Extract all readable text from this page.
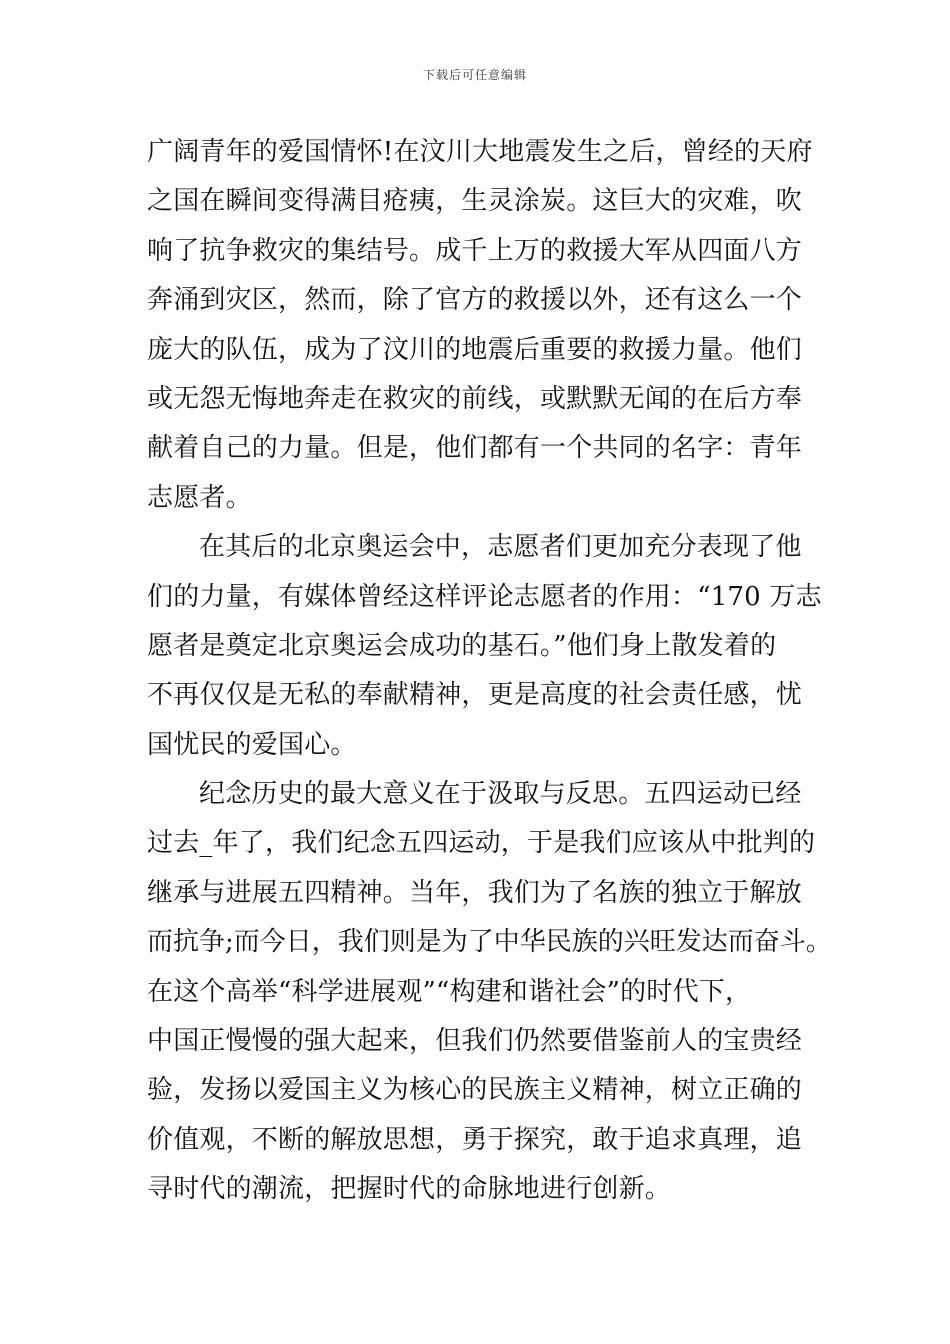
下载后可任意编辑
广阔青年的爱国情怀!在汶川大地震发生之后，曾经的天府
之国在瞬间变得满目疮痍，生灵涂炭。这巨大的灾难，吹
响了抗争救灾的集结号。成千上万的救援大军从四面八方
奔涌到灾区，然而，除了官方的救援以外，还有这么一个
庞大的队伍，成为了汶川的地震后重要的救援力量。他们
或无怨无悔地奔走在救灾的前线，或默默无闻的在后方奉
献着自己的力量。但是，他们都有一个共同的名字：青年
志愿者。
在其后的北京奥运会中，志愿者们更加充分表现了他
们的力量，有媒体曾经这样评论志愿者的作用：“170 万志
愿者是奠定北京奥运会成功的基石。”他们身上散发着的
不再仅仅是无私的奉献精神，更是高度的社会责任感，忧
国忧民的爱国心。
纪念历史的最大意义在于汲取与反思。五四运动已经
过去_年了，我们纪念五四运动，于是我们应该从中批判的
继承与进展五四精神。当年，我们为了名族的独立于解放
而抗争;而今日，我们则是为了中华民族的兴旺发达而奋斗。
在这个高举“科学进展观”“构建和谐社会”的时代下，
中国正慢慢的强大起来，但我们仍然要借鉴前人的宝贵经
验，发扬以爱国主义为核心的民族主义精神，树立正确的
价值观，不断的解放思想，勇于探究，敢于追求真理，追
寻时代的潮流，把握时代的命脉地进行创新。
